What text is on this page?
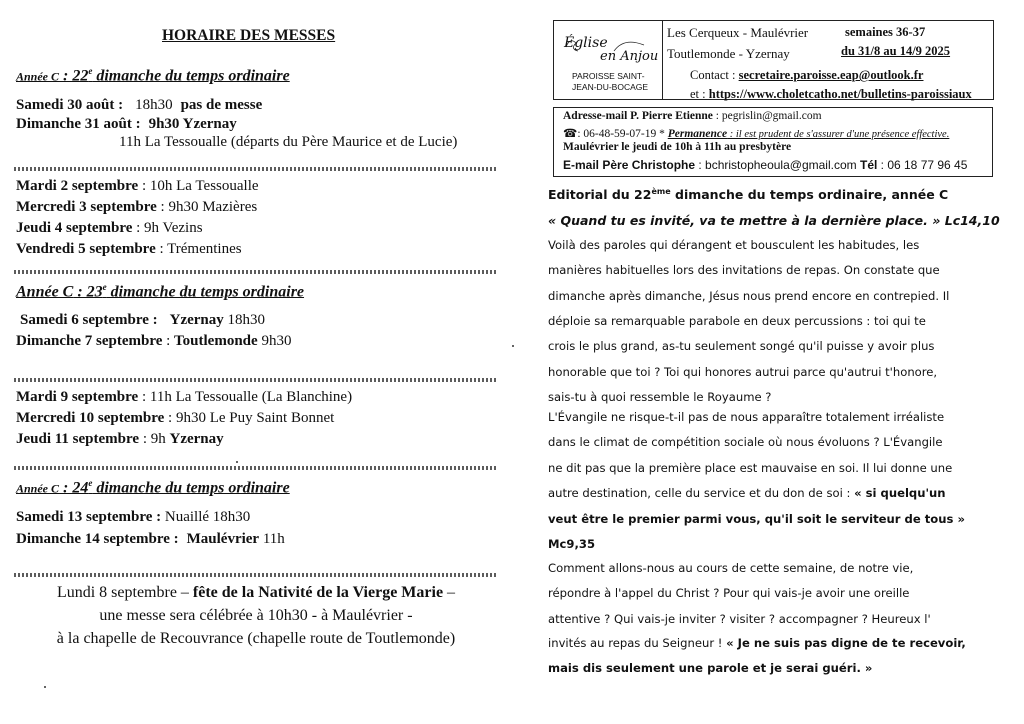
HORAIRE DES MESSES
Année C : 22e dimanche du temps ordinaire
Samedi 30 août : 18h30 pas de messe
Dimanche 31 août : 9h30 Yzernay
11h La Tessoualle (départs du Père Maurice et de Lucie)
Mardi 2 septembre : 10h La Tessoualle
Mercredi 3 septembre : 9h30 Mazières
Jeudi 4 septembre : 9h Vezins
Vendredi 5 septembre : Trémentines
Année C : 23e dimanche du temps ordinaire
Samedi 6 septembre : Yzernay 18h30
Dimanche 7 septembre : Toutlemonde 9h30
Mardi 9 septembre : 11h La Tessoualle (La Blanchine)
Mercredi 10 septembre : 9h30 Le Puy Saint Bonnet
Jeudi 11 septembre : 9h Yzernay
Année C : 24e dimanche du temps ordinaire
Samedi 13 septembre : Nuaillé 18h30
Dimanche 14 septembre : Maulévrier 11h
Lundi 8 septembre – fête de la Nativité de la Vierge Marie –
une messe sera célébrée à 10h30 - à Maulévrier -
à la chapelle de Recouvrance (chapelle route de Toutlemonde)
Église
en Anjou
PAROISSE SAINT-
JEAN-DU-BOCAGE
Les Cerqueux - Maulévrier
Toutlemonde - Yzernay
semaines 36-37
du 31/8 au 14/9 2025
Contact : secretaire.paroisse.eap@outlook.fr
et : https://www.choletcatho.net/bulletins-paroissiaux
Adresse-mail P. Pierre Etienne : pegrislin@gmail.com
☎: 06-48-59-07-19 * Permanence : il est prudent de s'assurer d'une présence effective.
Maulévrier le jeudi de 10h à 11h au presbytère
E-mail Père Christophe : bchristopheoula@gmail.com Tél : 06 18 77 96 45
Editorial du 22ème dimanche du temps ordinaire, année C
« Quand tu es invité, va te mettre à la dernière place. » Lc14,10
Voilà des paroles qui dérangent et bousculent les habitudes, les
manières habituelles lors des invitations de repas. On constate que
dimanche après dimanche, Jésus nous prend encore en contrepied. Il
déploie sa remarquable parabole en deux percussions : toi qui te
crois le plus grand, as-tu seulement songé qu'il puisse y avoir plus
honorable que toi ? Toi qui honores autrui parce qu'autrui t'honore,
sais-tu à quoi ressemble le Royaume ?
L'Évangile ne risque-t-il pas de nous apparaître totalement irréaliste
dans le climat de compétition sociale où nous évoluons ? L'Évangile
ne dit pas que la première place est mauvaise en soi. Il lui donne une
autre destination, celle du service et du don de soi : « si quelqu'un
veut être le premier parmi vous, qu'il soit le serviteur de tous »
Mc9,35
Comment allons-nous au cours de cette semaine, de notre vie,
répondre à l'appel du Christ ? Pour qui vais-je avoir une oreille
attentive ? Qui vais-je inviter ? visiter ? accompagner ? Heureux l'
invités au repas du Seigneur ! « Je ne suis pas digne de te recevoir,
mais dis seulement une parole et je serai guéri. »
